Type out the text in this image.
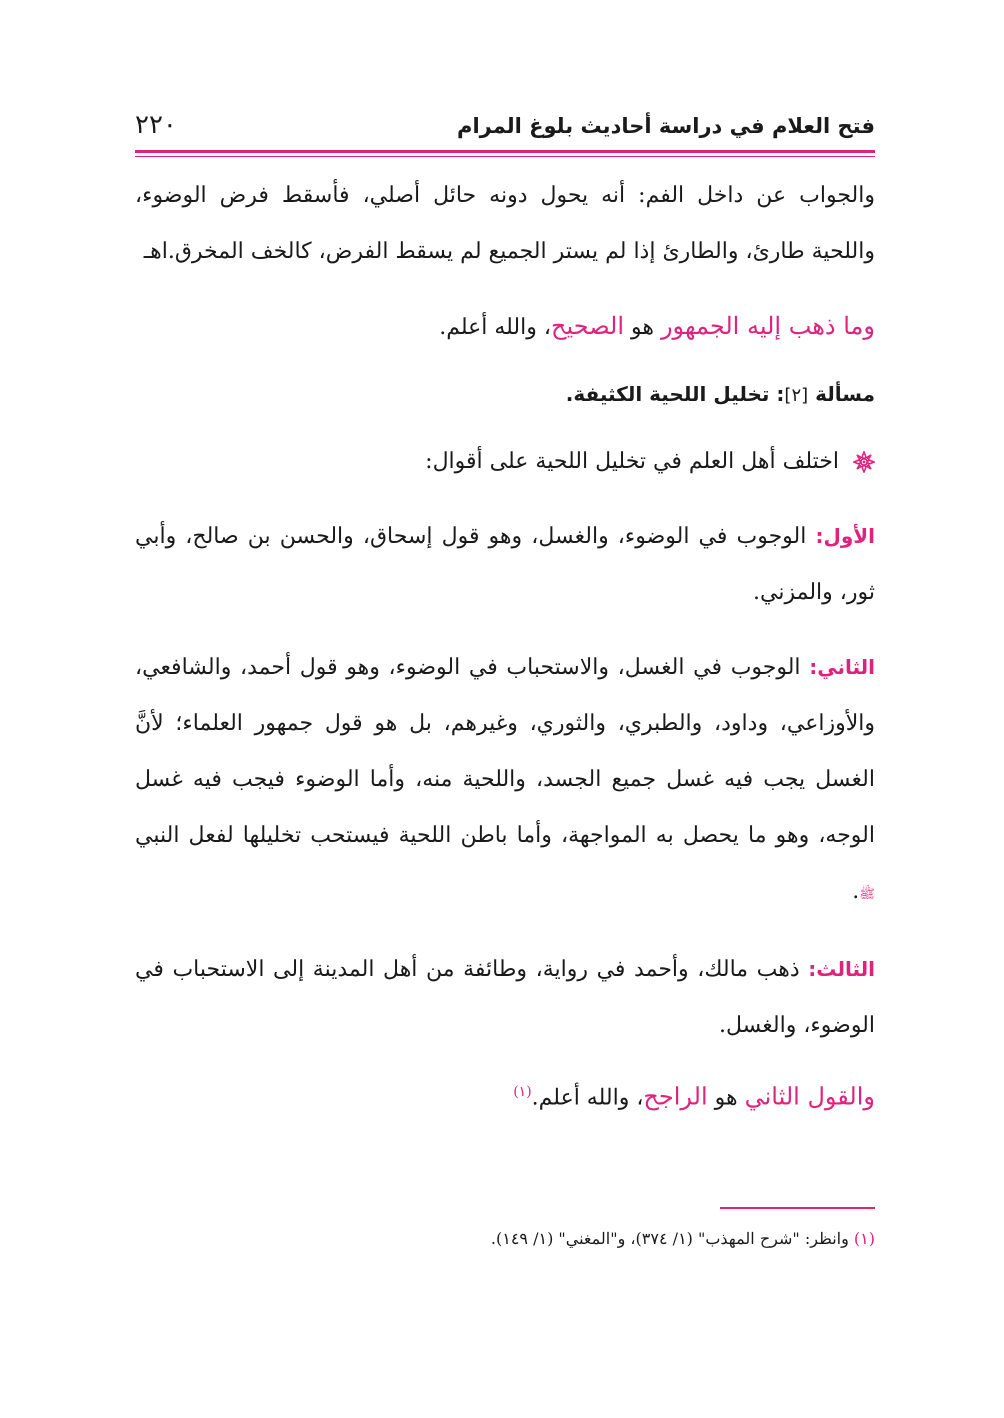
فتح العلام في دراسة أحاديث بلوغ المرام
٢٢٠

والجواب عن داخل الفم: أنه يحول دونه حائل أصلي، فأسقط فرض الوضوء، واللحية طارئ، والطارئ إذا لم يستر الجميع لم يسقط الفرض، كالخف المخرق.اهـ

وما ذهب إليه الجمهور هو الصحيح، والله أعلم.

مسألة [٢]: تخليل اللحية الكثيفة.

اختلف أهل العلم في تخليل اللحية على أقوال:

الأول: الوجوب في الوضوء، والغسل، وهو قول إسحاق، والحسن بن صالح، وأبي ثور، والمزني.

الثاني: الوجوب في الغسل، والاستحباب في الوضوء، وهو قول أحمد، والشافعي، والأوزاعي، وداود، والطبري، والثوري، وغيرهم، بل هو قول جمهور العلماء؛ لأنَّ الغسل يجب فيه غسل جميع الجسد، واللحية منه، وأما الوضوء فيجب فيه غسل الوجه، وهو ما يحصل به المواجهة، وأما باطن اللحية فيستحب تخليلها لفعل النبي ﷺ.

الثالث: ذهب مالك، وأحمد في رواية، وطائفة من أهل المدينة إلى الاستحباب في الوضوء، والغسل.

والقول الثاني هو الراجح، والله أعلم.$^{(١)}$

(١) وانظر: "شرح المهذب" (١/ ٣٧٤)، و"المغني" (١/ ١٤٩).
